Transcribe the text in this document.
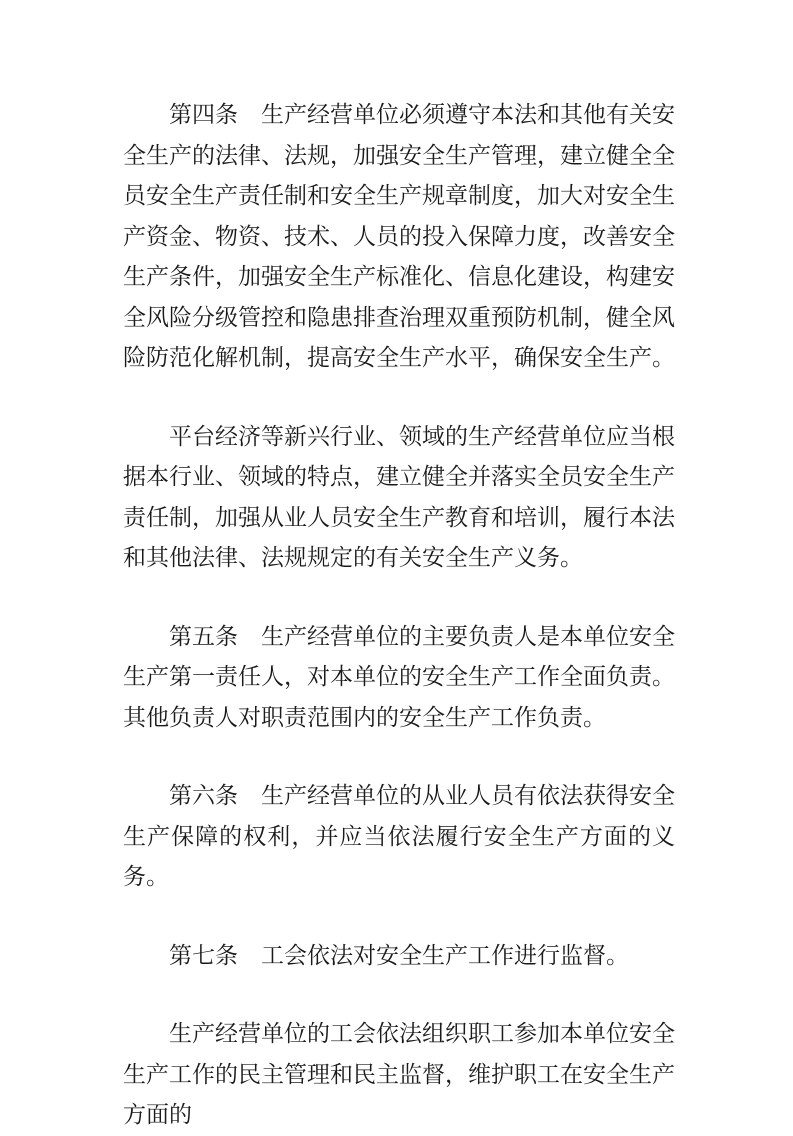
第四条 生产经营单位必须遵守本法和其他有关安全生产的法律、法规，加强安全生产管理，建立健全全员安全生产责任制和安全生产规章制度，加大对安全生产资金、物资、技术、人员的投入保障力度，改善安全生产条件，加强安全生产标准化、信息化建设，构建安全风险分级管控和隐患排查治理双重预防机制，健全风险防范化解机制，提高安全生产水平，确保安全生产。

平台经济等新兴行业、领域的生产经营单位应当根据本行业、领域的特点，建立健全并落实全员安全生产责任制，加强从业人员安全生产教育和培训，履行本法和其他法律、法规规定的有关安全生产义务。

第五条 生产经营单位的主要负责人是本单位安全生产第一责任人，对本单位的安全生产工作全面负责。其他负责人对职责范围内的安全生产工作负责。

第六条 生产经营单位的从业人员有依法获得安全生产保障的权利，并应当依法履行安全生产方面的义务。

第七条 工会依法对安全生产工作进行监督。

生产经营单位的工会依法组织职工参加本单位安全生产工作的民主管理和民主监督，维护职工在安全生产方面的
